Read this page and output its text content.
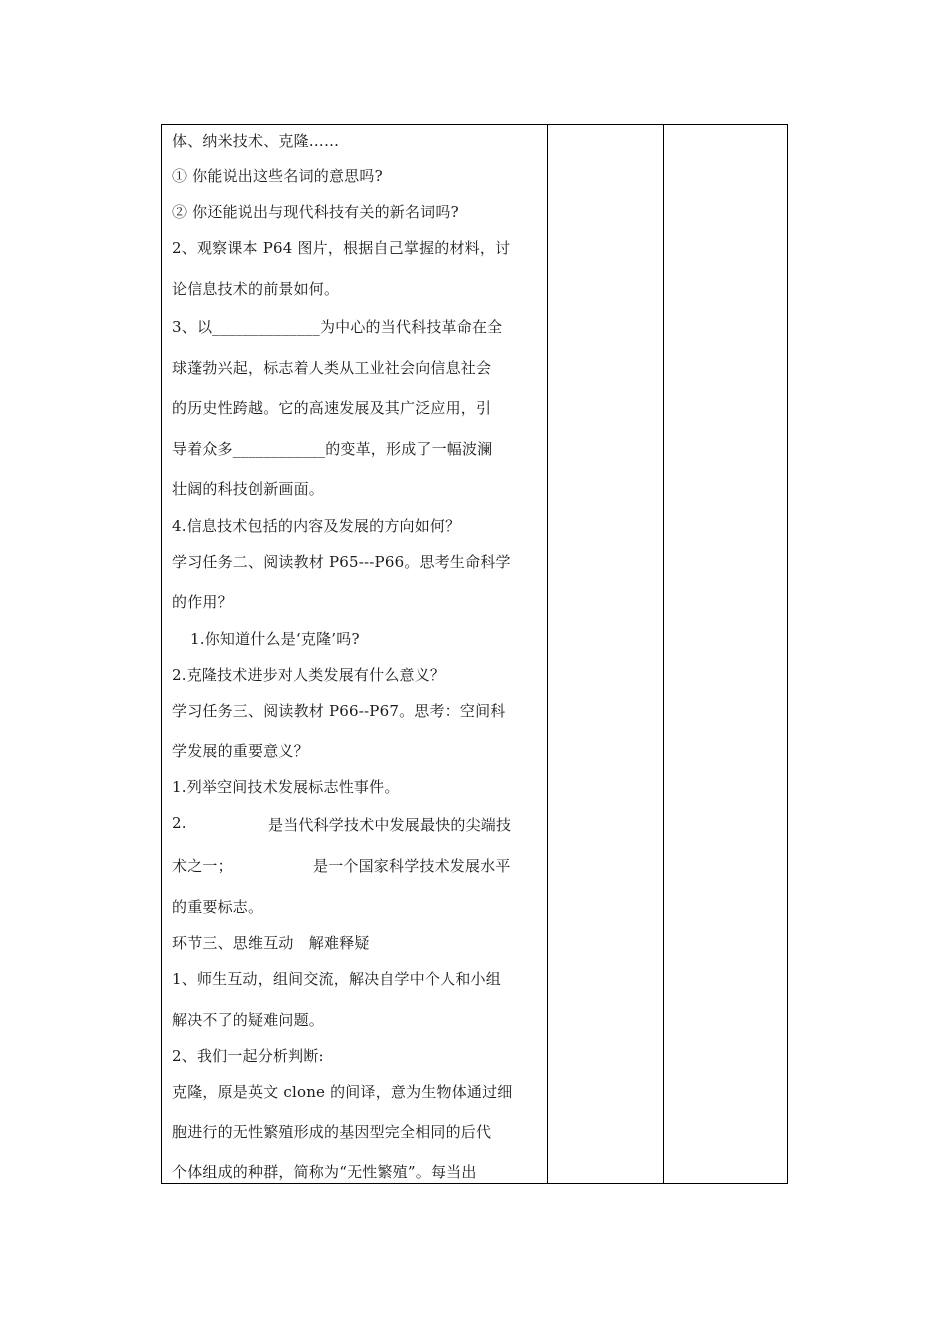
体、纳米技术、克隆……
① 你能说出这些名词的意思吗?
② 你还能说出与现代科技有关的新名词吗?
2、观察课本 P64 图片，根据自己掌握的材料，讨
论信息技术的前景如何。
3、以______________为中心的当代科技革命在全
球蓬勃兴起，标志着人类从工业社会向信息社会
的历史性跨越。它的高速发展及其广泛应用，引
导着众多____________的变革，形成了一幅波澜
壮阔的科技创新画面。
4.信息技术包括的内容及发展的方向如何？
学习任务二、阅读教材 P65---P66。思考生命科学
的作用？
1.你知道什么是‘克隆’吗?
2.克隆技术进步对人类发展有什么意义？
学习任务三、阅读教材 P66--P67。思考：空间科
学发展的重要意义？
1.列举空间技术发展标志性事件。
2.	是当代科学技术中发展最快的尖端技
术之一；	是一个国家科学技术发展水平
的重要标志。
环节三、思维互动　解难释疑
1、师生互动，组间交流，解决自学中个人和小组
解决不了的疑难问题。
2、我们一起分析判断:
克隆，原是英文 clone 的间译，意为生物体通过细
胞进行的无性繁殖形成的基因型完全相同的后代
个体组成的种群，简称为“无性繁殖”。每当出
